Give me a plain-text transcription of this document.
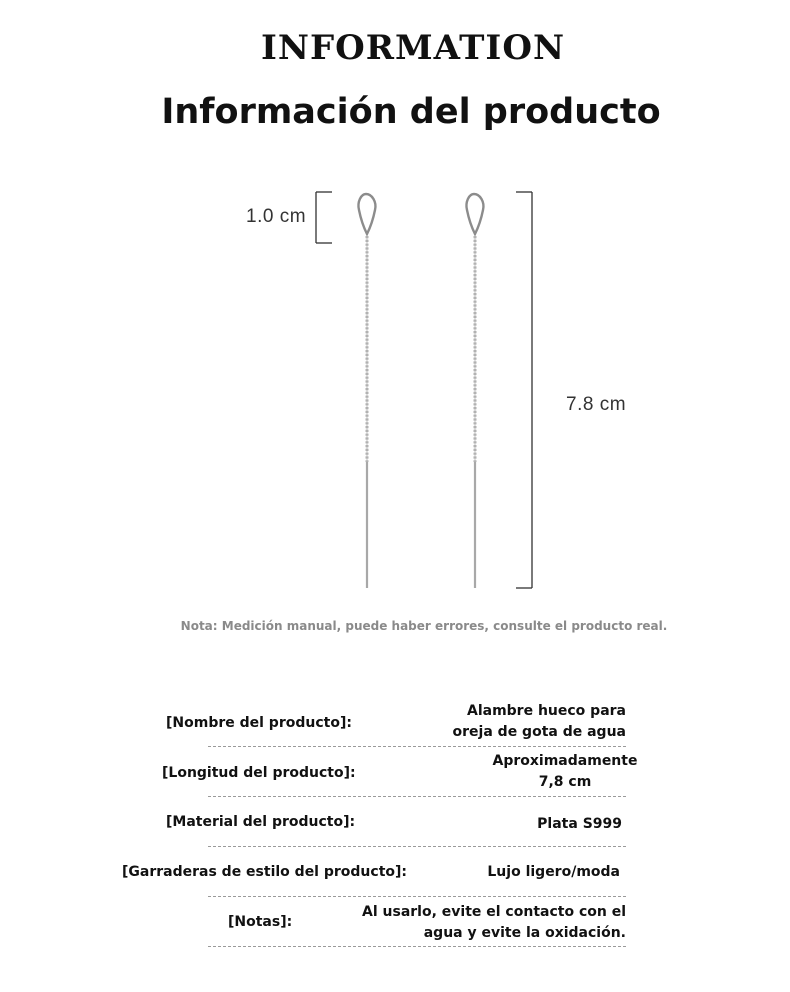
INFORMATION
Información del producto
1.0 cm
7.8 cm
Nota: Medición manual, puede haber errores, consulte el producto real.
[Nombre del producto]:
Alambre hueco para
oreja de gota de agua
[Longitud del producto]:
Aproximadamente
7,8 cm
[Material del producto]:	Plata S999
[Garraderas de estilo del producto]:	Lujo ligero/moda
[Notas]:
Al usarlo, evite el contacto con el
agua y evite la oxidación.
